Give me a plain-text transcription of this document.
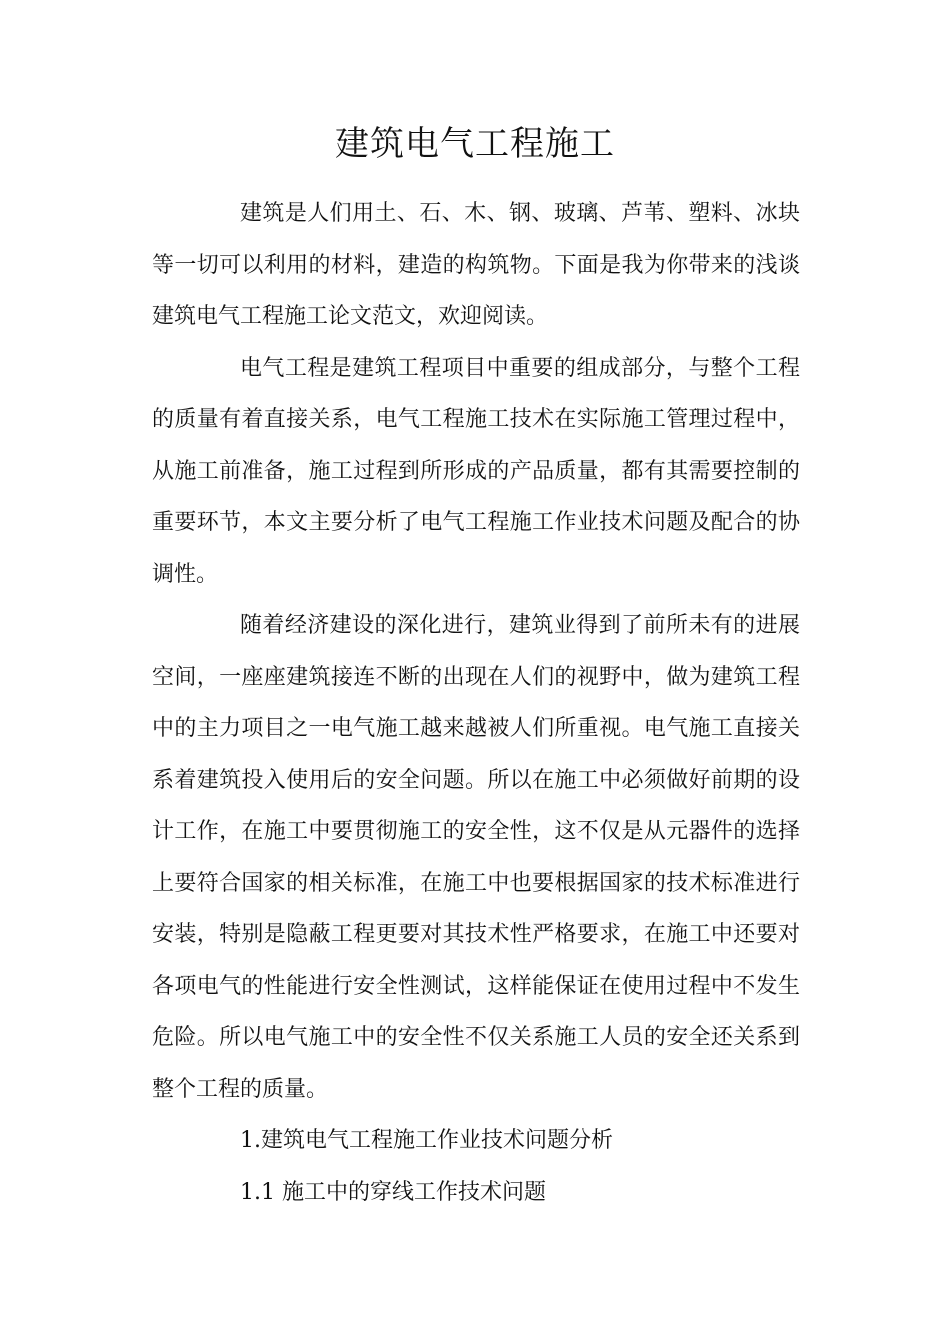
建筑电气工程施工

建筑是人们用土、石、木、钢、玻璃、芦苇、塑料、冰块等一切可以利用的材料，建造的构筑物。下面是我为你带来的浅谈建筑电气工程施工论文范文，欢迎阅读。

电气工程是建筑工程项目中重要的组成部分，与整个工程的质量有着直接关系，电气工程施工技术在实际施工管理过程中，从施工前准备，施工过程到所形成的产品质量，都有其需要控制的重要环节，本文主要分析了电气工程施工作业技术问题及配合的协调性。

随着经济建设的深化进行，建筑业得到了前所未有的进展空间，一座座建筑接连不断的出现在人们的视野中，做为建筑工程中的主力项目之一电气施工越来越被人们所重视。电气施工直接关系着建筑投入使用后的安全问题。所以在施工中必须做好前期的设计工作，在施工中要贯彻施工的安全性，这不仅是从元器件的选择上要符合国家的相关标准，在施工中也要根据国家的技术标准进行安装，特别是隐蔽工程更要对其技术性严格要求，在施工中还要对各项电气的性能进行安全性测试，这样能保证在使用过程中不发生危险。所以电气施工中的安全性不仅关系施工人员的安全还关系到整个工程的质量。

1.建筑电气工程施工作业技术问题分析

1.1 施工中的穿线工作技术问题
